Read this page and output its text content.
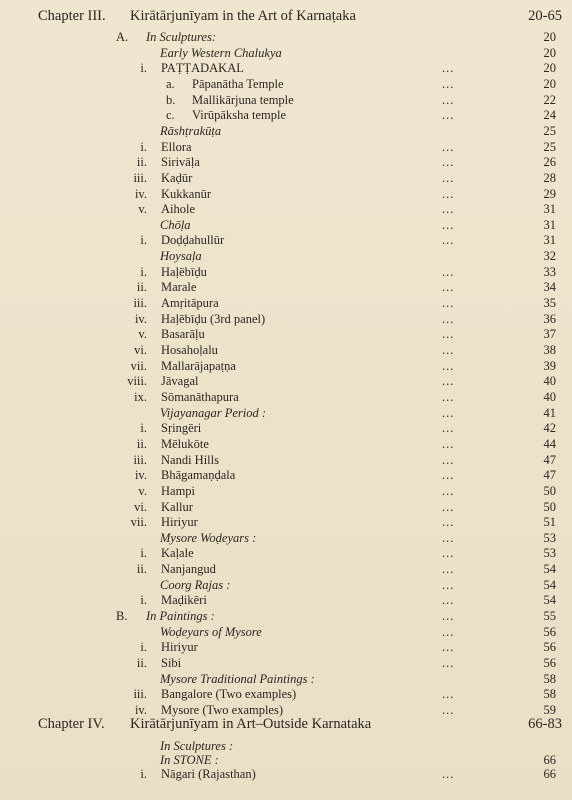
Chapter III. Kirātārjunīyam in the Art of Karnaṭaka	20-65
A. In Sculptures:	20
Early Western Chalukya	20
i. PAṬṬADAKAL	...	20
a. Pāpanātha Temple	...	20
b. Mallikārjuna temple	...	22
c. Virūpāksha temple	...	24
Rāshṭrakūṭa	25
i. Ellora	...	25
ii. Sirivāḷa	...	26
iii. Kaḍūr	...	28
iv. Kukkanūr	...	29
v. Aihole	...	31
Chōḷa	...	31
i. Doḍḍahullūr	...	31
Hoysaḷa	32
i. Haḷēbīḍu	...	33
ii. Marale	...	34
iii. Amṛitāpura	...	35
iv. Haḷēbīḍu (3rd panel)	...	36
v. Basarāḷu	...	37
vi. Hosahoḷalu	...	38
vii. Mallarājapaṭṇa	...	39
viii. Jāvagal	...	40
ix. Sōmanāthapura	...	40
Vijayanagar Period :	...	41
i. Sṛingēri	...	42
ii. Mēlukōte	...	44
iii. Nandi Hills	...	47
iv. Bhāgamaṇḍala	...	47
v. Hampi	...	50
vi. Kallur	...	50
vii. Hiriyur	...	51
Mysore Woḍeyars :	...	53
i. Kaḷale	...	53
ii. Nanjangud	...	54
Coorg Rajas :	...	54
i. Maḍikēri	...	54
B. In Paintings :	...	55
Woḍeyars of Mysore	...	56
i. Hiriyur	...	56
ii. Sibi	...	56
Mysore Traditional Paintings :	58
iii. Bangalore (Two examples)	...	58
iv. Mysore (Two examples)	...	59
Chapter IV. Kirātārjunīyam in Art–Outside Karnataka	66-83
In Sculptures :
In STONE :	66
i. Nāgari (Rajasthan)	...	66
